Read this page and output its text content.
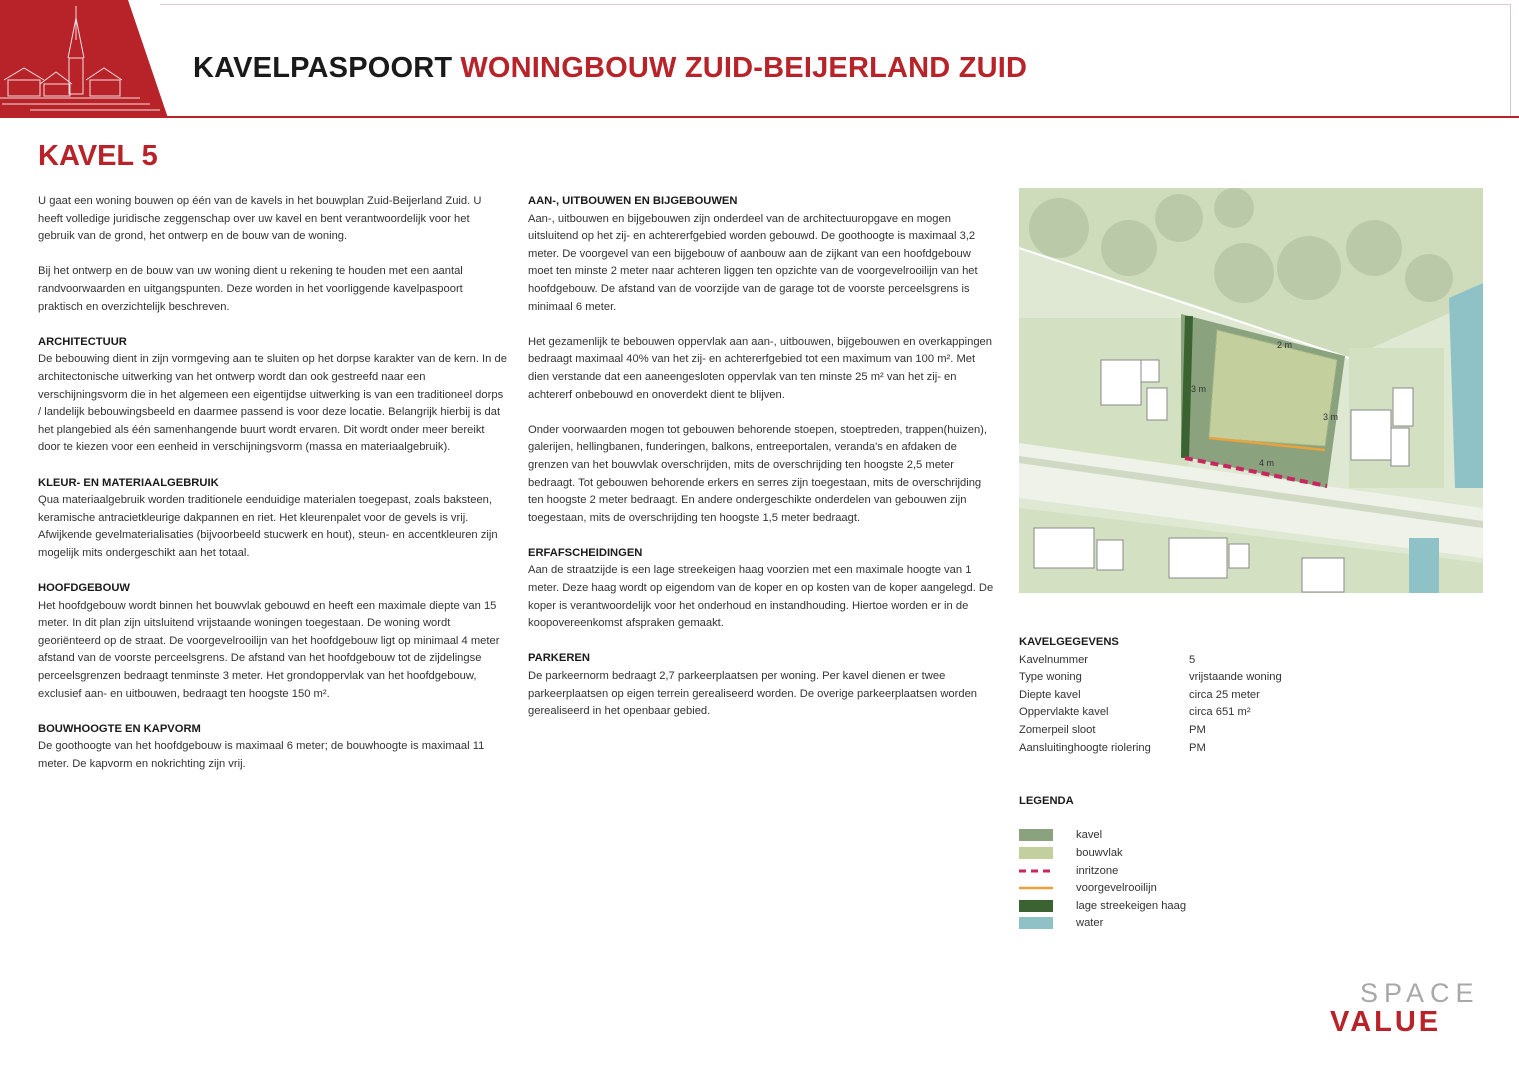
KAVELPASPOORT WONINGBOUW ZUID-BEIJERLAND ZUID
KAVEL 5

U gaat een woning bouwen op één van de kavels in het bouwplan Zuid-Beijerland Zuid. U heeft volledige juridische zeggenschap over uw kavel en bent verantwoordelijk voor het gebruik van de grond, het ontwerp en de bouw van de woning.

Bij het ontwerp en de bouw van uw woning dient u rekening te houden met een aantal randvoorwaarden en uitgangspunten. Deze worden in het voorliggende kavelpaspoort praktisch en overzichtelijk beschreven.

ARCHITECTUUR

De bebouwing dient in zijn vormgeving aan te sluiten op het dorpse karakter van de kern. In de architectonische uitwerking van het ontwerp wordt dan ook gestreefd naar een verschijningsvorm die in het algemeen een eigentijdse uitwerking is van een traditioneel dorps / landelijk bebouwingsbeeld en daarmee passend is voor deze locatie. Belangrijk hierbij is dat het plangebied als één samenhangende buurt wordt ervaren. Dit wordt onder meer bereikt door te kiezen voor een eenheid in verschijningsvorm (massa en materiaalgebruik).

KLEUR- EN MATERIAALGEBRUIK

Qua materiaalgebruik worden traditionele eenduidige materialen toegepast, zoals baksteen, keramische antracietkleurige dakpannen en riet. Het kleurenpalet voor de gevels is vrij. Afwijkende gevelmaterialisaties (bijvoorbeeld stucwerk en hout), steun- en accentkleuren zijn mogelijk mits ondergeschikt aan het totaal.

HOOFDGEBOUW

Het hoofdgebouw wordt binnen het bouwvlak gebouwd en heeft een maximale diepte van 15 meter. In dit plan zijn uitsluitend vrijstaande woningen toegestaan. De woning wordt georiënteerd op de straat. De voorgevelrooilijn van het hoofdgebouw ligt op minimaal 4 meter afstand van de voorste perceelsgrens. De afstand van het hoofdgebouw tot de zijdelingse perceelsgrenzen bedraagt tenminste 3 meter. Het grondoppervlak van het hoofdgebouw, exclusief aan- en uitbouwen, bedraagt ten hoogste 150 m².

BOUWHOOGTE EN KAPVORM

De goothoogte van het hoofdgebouw is maximaal 6 meter; de bouwhoogte is maximaal 11 meter. De kapvorm en nokrichting zijn vrij.

AAN-, UITBOUWEN EN BIJGEBOUWEN

Aan-, uitbouwen en bijgebouwen zijn onderdeel van de architectuuropgave en mogen uitsluitend op het zij- en achtererfgebied worden gebouwd. De goothoogte is maximaal 3,2 meter. De voorgevel van een bijgebouw of aanbouw aan de zijkant van een hoofdgebouw moet ten minste 2 meter naar achteren liggen ten opzichte van de voorgevelrooilijn van het hoofdgebouw. De afstand van de voorzijde van de garage tot de voorste perceelsgrens is minimaal 6 meter.

Het gezamenlijk te bebouwen oppervlak aan aan-, uitbouwen, bijgebouwen en overkappingen bedraagt maximaal 40% van het zij- en achtererfgebied tot een maximum van 100 m². Met dien verstande dat een aaneengesloten oppervlak van ten minste 25 m² van het zij- en achtererf onbebouwd en onoverdekt dient te blijven.

Onder voorwaarden mogen tot gebouwen behorende stoepen, stoeptreden, trappen(huizen), galerijen, hellingbanen, funderingen, balkons, entreeportalen, veranda's en afdaken de grenzen van het bouwvlak overschrijden, mits de overschrijding ten hoogste 2,5 meter bedraagt. Tot gebouwen behorende erkers en serres zijn toegestaan, mits de overschrijding ten hoogste 2 meter bedraagt. En andere ondergeschikte onderdelen van gebouwen zijn toegestaan, mits de overschrijding ten hoogste 1,5 meter bedraagt.

ERFAFSCHEIDINGEN

Aan de straatzijde is een lage streekeigen haag voorzien met een maximale hoogte van 1 meter. Deze haag wordt op eigendom van de koper en op kosten van de koper aangelegd. De koper is verantwoordelijk voor het onderhoud en instandhouding. Hiertoe worden er in de koopovereenkomst afspraken gemaakt.

PARKEREN

De parkeernorm bedraagt 2,7 parkeerplaatsen per woning. Per kavel dienen er twee parkeerplaatsen op eigen terrein gerealiseerd worden. De overige parkeerplaatsen worden gerealiseerd in het openbaar gebied.

2 m
3 m
3 m
4 m
KAVELGEGEVENS
Kavelnummer	5
Type woning	vrijstaande woning
Diepte kavel	circa 25 meter
Oppervlakte kavel	circa 651 m²
Zomerpeil sloot	PM
Aansluitinghoogte riolering	PM
LEGENDA
kavel
bouwvlak
inritzone
voorgevelrooilijn
lage streekeigen haag
water
SPACE
VALUE
